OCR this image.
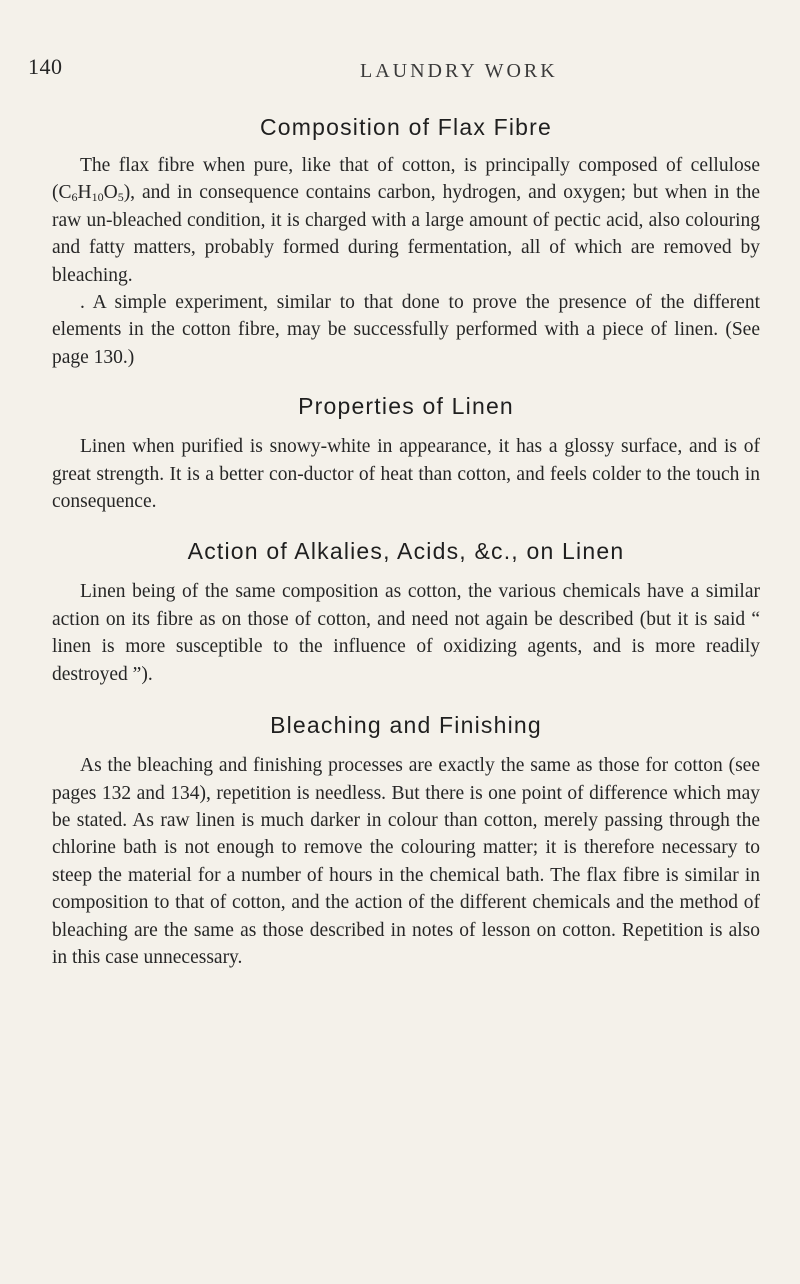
140	LAUNDRY WORK
Composition of Flax Fibre

The flax fibre when pure, like that of cotton, is principally composed of cellulose $(C_6H_{10}O_5)$, and in consequence contains carbon, hydrogen, and oxygen; but when in the raw un-bleached condition, it is charged with a large amount of pectic acid, also colouring and fatty matters, probably formed during fermentation, all of which are removed by bleaching.

. A simple experiment, similar to that done to prove the presence of the different elements in the cotton fibre, may be successfully performed with a piece of linen. (See page 130.)

Properties of Linen

Linen when purified is snowy-white in appearance, it has a glossy surface, and is of great strength. It is a better con-ductor of heat than cotton, and feels colder to the touch in consequence.

Action of Alkalies, Acids, &c., on Linen

Linen being of the same composition as cotton, the various chemicals have a similar action on its fibre as on those of cotton, and need not again be described (but it is said “ linen is more susceptible to the influence of oxidizing agents, and is more readily destroyed ”).

Bleaching and Finishing

As the bleaching and finishing processes are exactly the same as those for cotton (see pages 132 and 134), repetition is needless. But there is one point of difference which may be stated. As raw linen is much darker in colour than cotton, merely passing through the chlorine bath is not enough to remove the colouring matter; it is therefore necessary to steep the material for a number of hours in the chemical bath. The flax fibre is similar in composition to that of cotton, and the action of the different chemicals and the method of bleaching are the same as those described in notes of lesson on cotton. Repetition is also in this case unnecessary.
